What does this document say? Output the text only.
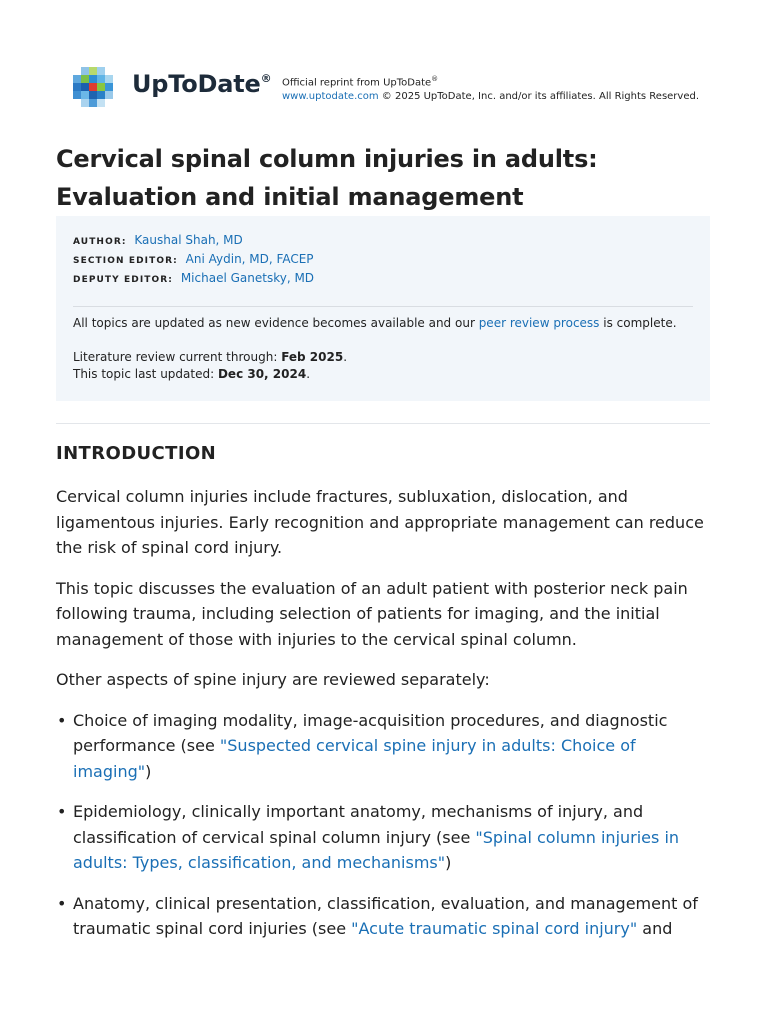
UpToDate® Official reprint from UpToDate®
www.uptodate.com © 2025 UpToDate, Inc. and/or its affiliates. All Rights Reserved.
Cervical spinal column injuries in adults:
Evaluation and initial management
AUTHOR: Kaushal Shah, MD
SECTION EDITOR: Ani Aydin, MD, FACEP
DEPUTY EDITOR: Michael Ganetsky, MD
All topics are updated as new evidence becomes available and our peer review process is complete.
Literature review current through: Feb 2025.
This topic last updated: Dec 30, 2024.
INTRODUCTION

Cervical column injuries include fractures, subluxation, dislocation, and ligamentous injuries. Early recognition and appropriate management can reduce the risk of spinal cord injury.

This topic discusses the evaluation of an adult patient with posterior neck pain following trauma, including selection of patients for imaging, and the initial management of those with injuries to the cervical spinal column.

Other aspects of spine injury are reviewed separately:

• Choice of imaging modality, image-acquisition procedures, and diagnostic performance (see "Suspected cervical spine injury in adults: Choice of imaging")
• Epidemiology, clinically important anatomy, mechanisms of injury, and classification of cervical spinal column injury (see "Spinal column injuries in adults: Types, classification, and mechanisms")
• Anatomy, clinical presentation, classification, evaluation, and management of traumatic spinal cord injuries (see "Acute traumatic spinal cord injury" and
